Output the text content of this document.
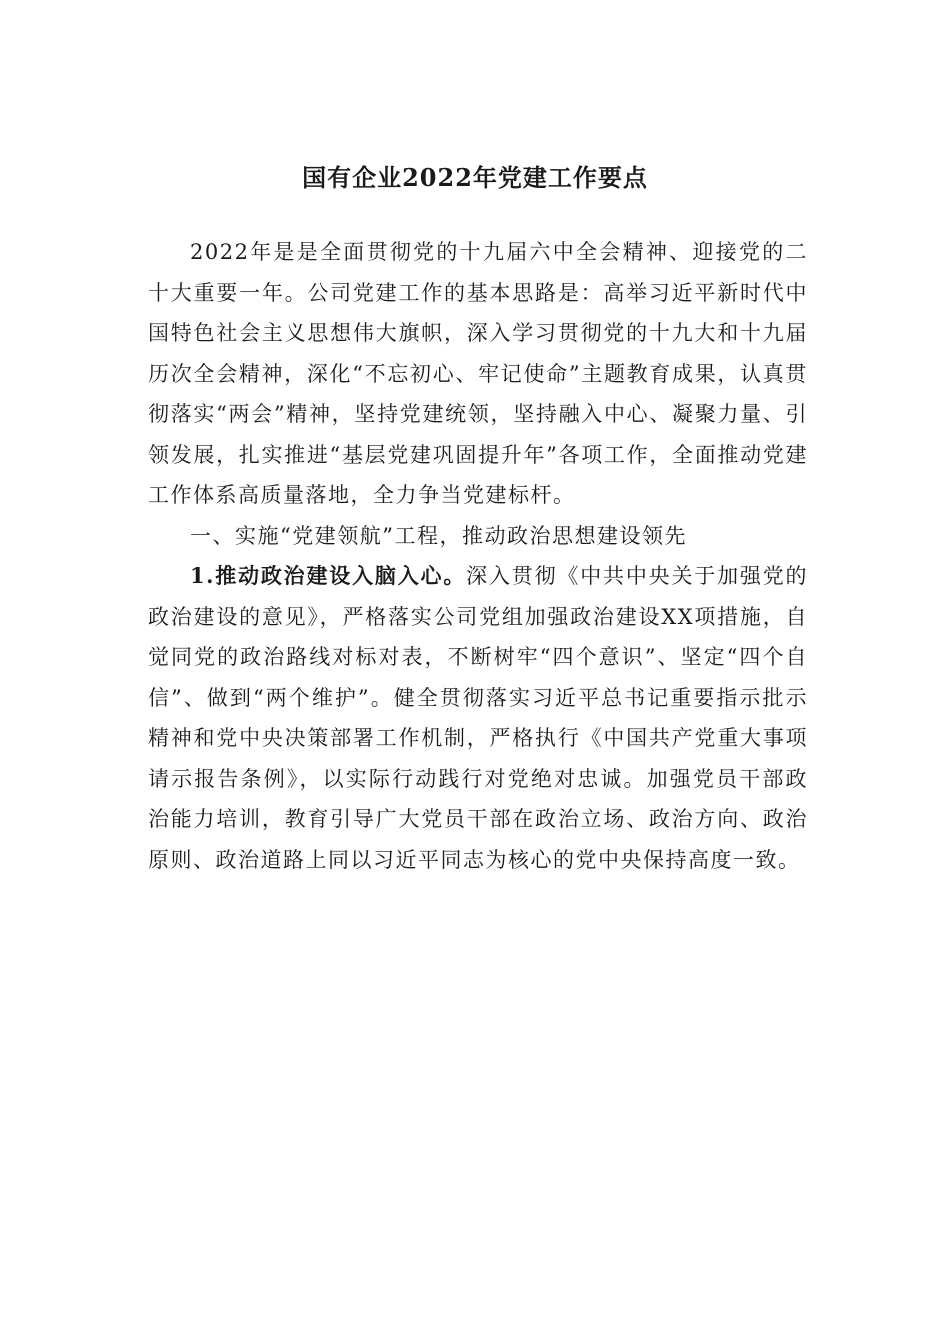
国有企业2022年党建工作要点

2022年是是全面贯彻党的十九届六中全会精神、迎接党的二十大重要一年。公司党建工作的基本思路是：高举习近平新时代中国特色社会主义思想伟大旗帜，深入学习贯彻党的十九大和十九届历次全会精神，深化“不忘初心、牢记使命”主题教育成果，认真贯彻落实“两会”精神，坚持党建统领，坚持融入中心、凝聚力量、引领发展，扎实推进“基层党建巩固提升年”各项工作，全面推动党建工作体系高质量落地，全力争当党建标杆。

一、实施“党建领航”工程，推动政治思想建设领先

1.推动政治建设入脑入心。深入贯彻《中共中央关于加强党的政治建设的意见》，严格落实公司党组加强政治建设XX项措施，自觉同党的政治路线对标对表，不断树牢“四个意识”、坚定“四个自信”、做到“两个维护”。健全贯彻落实习近平总书记重要指示批示精神和党中央决策部署工作机制，严格执行《中国共产党重大事项请示报告条例》，以实际行动践行对党绝对忠诚。加强党员干部政治能力培训，教育引导广大党员干部在政治立场、政治方向、政治原则、政治道路上同以习近平同志为核心的党中央保持高度一致。
